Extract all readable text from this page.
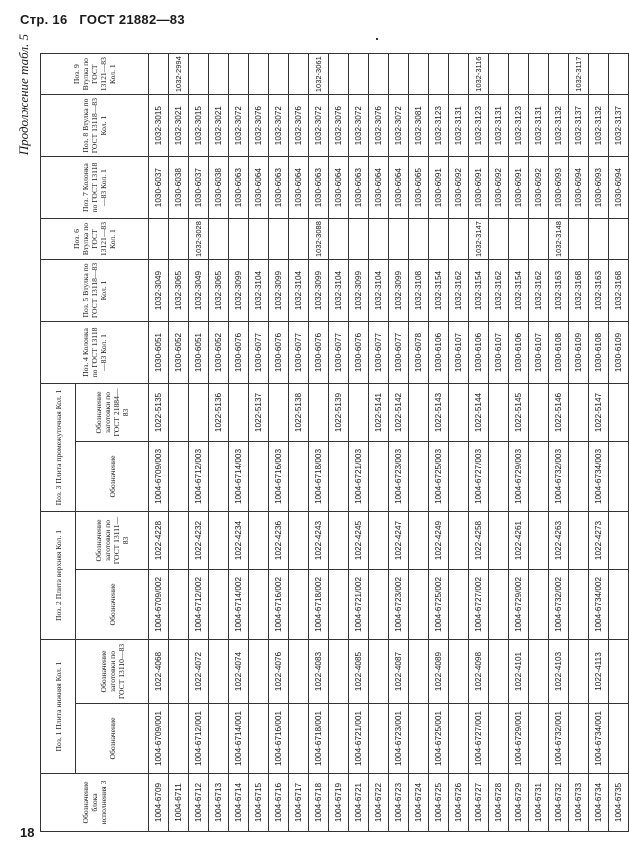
Стр. 16 ГОСТ 21882—83
Продолжение табл. 5
Обозначение блока исполнения 3	Поз. 1 Плита нижняя Кол. 1		Поз. 2 Плита верхняя Кол. 1		Поз. 3 Плита промежуточная Кол. 1		Поз. 4 Колонка по ГОСТ 13118—83 Кол. 1	Поз. 5 Втулка по ГОСТ 13118—83 Кол. 1	Поз. 6 Втулка по ГОСТ 13121—83 Кол. 1	Поз. 7 Колонка по ГОСТ 13118—83 Кол. 1	Поз. 8 Втулка по ГОСТ 13118—83 Кол. 1	Поз. 9 Втулка по ГОСТ 13121—83 Кол. 1
	Обозначение	Обозначение заготовки по ГОСТ 13110—83	Обозначение	Обозначение заготовки по ГОСТ 13111—83	Обозначение	Обозначение заготовки по ГОСТ 21884—83						
1004-6709	1004-6709/001	1022-4068	1004-6709/002	1022-4228	1004-6709/003	1022-5135	1030-6051	1032-3049		1030-6037	1032-3015	
1004-6711							1030-6052	1032-3065		1030-6038	1032-3021	1032-2994
1004-6712	1004-6712/001	1022-4072	1004-6712/002	1022-4232	1004-6712/003		1030-6051	1032-3049	1032-3028	1030-6037	1032-3015	
1004-6713						1022-5136	1030-6052	1032-3065		1030-6038	1032-3021	
1004-6714	1004-6714/001	1022-4074	1004-6714/002	1022-4234	1004-6714/003		1030-6076	1032-3099		1030-6063	1032-3072	
1004-6715						1022-5137	1030-6077	1032-3104		1030-6064	1032-3076	
1004-6716	1004-6716/001	1022-4076	1004-6716/002	1022-4236	1004-6716/003		1030-6076	1032-3099		1030-6063	1032-3072	
1004-6717						1022-5138	1030-6077	1032-3104		1030-6064	1032-3076	
1004-6718	1004-6718/001	1022-4083	1004-6718/002	1022-4243	1004-6718/003		1030-6076	1032-3099	1032-3088	1030-6063	1032-3072	1032-3061
1004-6719						1022-5139	1030-6077	1032-3104		1030-6064	1032-3076	
1004-6721	1004-6721/001	1022-4085	1004-6721/002	1022-4245	1004-6721/003		1030-6076	1032-3099		1030-6063	1032-3072	
1004-6722						1022-5141	1030-6077	1032-3104		1030-6064	1032-3076	
1004-6723	1004-6723/001	1022-4087	1004-6723/002	1022-4247	1004-6723/003	1022-5142	1030-6077	1032-3099		1030-6064	1032-3072	
1004-6724							1030-6078	1032-3108		1030-6065	1032-3081	
1004-6725	1004-6725/001	1022-4089	1004-6725/002	1022-4249	1004-6725/003	1022-5143	1030-6106	1032-3154		1030-6091	1032-3123	
1004-6726							1030-6107	1032-3162		1030-6092	1032-3131	
1004-6727	1004-6727/001	1022-4098	1004-6727/002	1022-4258	1004-6727/003	1022-5144	1030-6106	1032-3154	1032-3147	1030-6091	1032-3123	1032-3116
1004-6728							1030-6107	1032-3162		1030-6092	1032-3131	
1004-6729	1004-6729/001	1022-4101	1004-6729/002	1022-4261	1004-6729/003	1022-5145	1030-6106	1032-3154		1030-6091	1032-3123	
1004-6731							1030-6107	1032-3162		1030-6092	1032-3131	
1004-6732	1004-6732/001	1022-4103	1004-6732/002	1022-4263	1004-6732/003	1022-5146	1030-6108	1032-3163	1032-3148	1030-6093	1032-3132	
1004-6733							1030-6109	1032-3168		1030-6094	1032-3137	1032-3117
1004-6734	1004-6734/001	1022-4113	1004-6734/002	1022-4273	1004-6734/003	1022-5147	1030-6108	1032-3163		1030-6093	1032-3132	
1004-6735							1030-6109	1032-3168		1030-6094	1032-3137	
18
